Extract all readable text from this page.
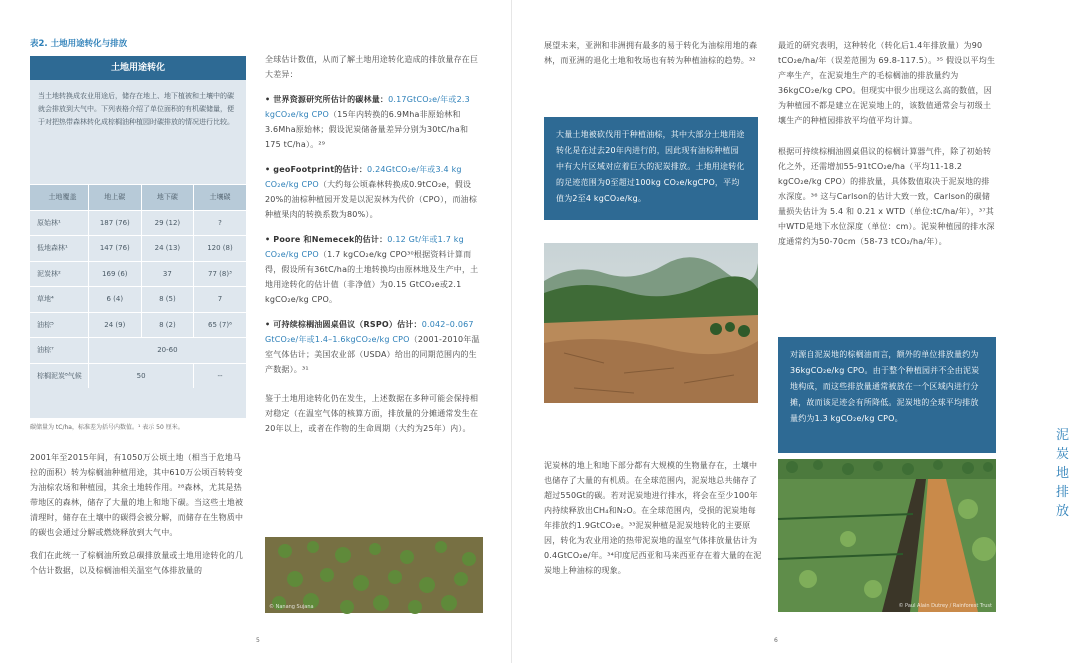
表2. 土地用途转化与排放
土地用途转化
当土地转换成农业用途后，储存在地上、地下植被和土壤中的碳就会排放到大气中。下列表格介绍了单位面积的有机碳储量，便于对把热带森林转化成棕榈油种植园时碳排放的情况进行比较。
土地覆盖	地上碳	地下碳	土壤碳
原始林¹	187 (76)	29 (12)	?
低地森林¹	147 (76)	24 (13)	120 (8)
泥炭林²	169 (6)	37	77 (8)³
草地⁴	6 (4)	8 (5)	7
油棕⁵	24 (9)	8 (2)	65 (7)⁶
油棕⁷	20-60
棕榈泥炭⁸气候	50	--
碳储量为 tC/ha，标准差为括号内数值。¹ 表示 50 厘米。

2001年至2015年间，有1050万公顷土地（相当于危地马拉的面积）转为棕榈油种植用途，其中610万公顷百转转变为油棕农场和种植园，其余土地转作用。²⁸森林，尤其是热带地区的森林，储存了大量的地上和地下碳。当这些土地被清理时，储存在土壤中的碳得会被分解，而储存在生物质中的碳也会通过分解或燃烧释放到大气中。

我们在此统一了棕榈油所致总碳排放量或土地用途转化的几个估计数据，以及棕榈油相关温室气体排放量的

全球估计数值，从而了解土地用途转化造成的排放量存在巨大差异：

• 世界资源研究所估计的碳林量：0.17GtCO₂e/年或2.3 kgCO₂e/kg CPO（15年内转换的6.9Mha非原始林和3.6Mha原始林；假设泥炭储备量差异分别为30tC/ha和175 tC/ha）。²⁹

• geoFootprint的估计：0.24GtCO₂e/年或3.4 kg CO₂e/kg CPO（大约每公顷森林转换成0.9tCO₂e，假设20%的油棕种植园开发是以泥炭林为代价（CPO），而油棕种植果肉的转换系数为80%）。

• Poore 和Nemecek的估计：0.12 Gt/年或1.7 kg CO₂e/kg CPO（1.7 kgCO₂e/kg CPO³⁰根据资料计算而得，假设所有36tC/ha的土地转换均由原林地及生产中，土地用途转化的估计值（非净值）为0.15 GtCO₂e或2.1 kgCO₂e/kg CPO。

• 可持续棕榈油圆桌倡议（RSPO）估计：0.042–0.067 GtCO₂e/年或1.4–1.6kgCO₂e/kg CPO（2001-2010年温室气体估计；美国农业部（USDA）给出的同期范围内的生产数据）。³¹

鉴于土地用途转化仍在发生，上述数据在多种可能会保持相对稳定（在温室气体的核算方面，排放量的分摊通常发生在20年以上，或者在作物的生命周期（大约为25年）内）。

© Nanang Sujana
5
展望未来，亚洲和非洲拥有最多的易于转化为油棕用地的森林，而亚洲的退化土地和牧场也有转为种植油棕的趋势。³²
大量土地被砍伐用于种植油棕，其中大部分土地用途转化是在过去20年内进行的，因此现有油棕种植园中有大片区域对应着巨大的泥炭排放。土地用途转化的足迹范围为0至超过100kg CO₂e/kgCPO，平均值为2至4 kgCO₂e/kg。
泥炭地排放
泥炭林的地上和地下部分都有大规模的生物量存在，土壤中也储存了大量的有机质。在全球范围内，泥炭地总共储存了超过550Gt的碳。若对泥炭地进行排水，将会在至少100年内持续释放出CH₄和N₂O。在全球范围内，受损的泥炭地每年排放约1.9GtCO₂e。³³泥炭种植是泥炭地转化的主要原因，转化为农业用途的热带泥炭地的温室气体排放量估计为0.4GtCO₂e/年。³⁴印度尼西亚和马来西亚存在着大量的在泥炭地上种油棕的现象。

最近的研究表明，这种转化（转化后1.4年排放量）为90 tCO₂e/ha/年（误差范围为 69.8-117.5）。³⁵ 假设以平均生产率生产，在泥炭地生产的毛棕榈油的排放量约为36kgCO₂e/kg CPO。但现实中很少出现这么高的数值，因为种植园不都是建立在泥炭地上的，该数值通常会与初级土壤生产的种植园排放平均值平均计算。

根据可持续棕榈油圆桌倡议的棕榈计算器气件，除了初始转化之外，还需增加55-91tCO₂e/ha（平均11-18.2 kgCO₂e/kg CPO）的排放量，具体数值取决于泥炭地的排水深度。³⁶ 这与Carlson的估计大致一致，Carlson的碳储量损失估计为 5.4 和 0.21 x WTD（单位:tC/ha/年），³⁷其中WTD是地下水位深度（单位：cm）。泥炭种植园的排水深度通常约为50-70cm（58-73 tCO₂/ha/年）。

对源自泥炭地的棕榈油而言，额外的单位排放量约为36kgCO₂e/kg CPO。由于整个种植园并不全由泥炭地构成，而这些排放量通常被放在一个区域内进行分摊，故而该足迹会有所降低。泥炭地的全球平均排放量约为1.3 kgCO₂e/kg CPO。
© Paul Alain Dutrey / Rainforest Trust
6
